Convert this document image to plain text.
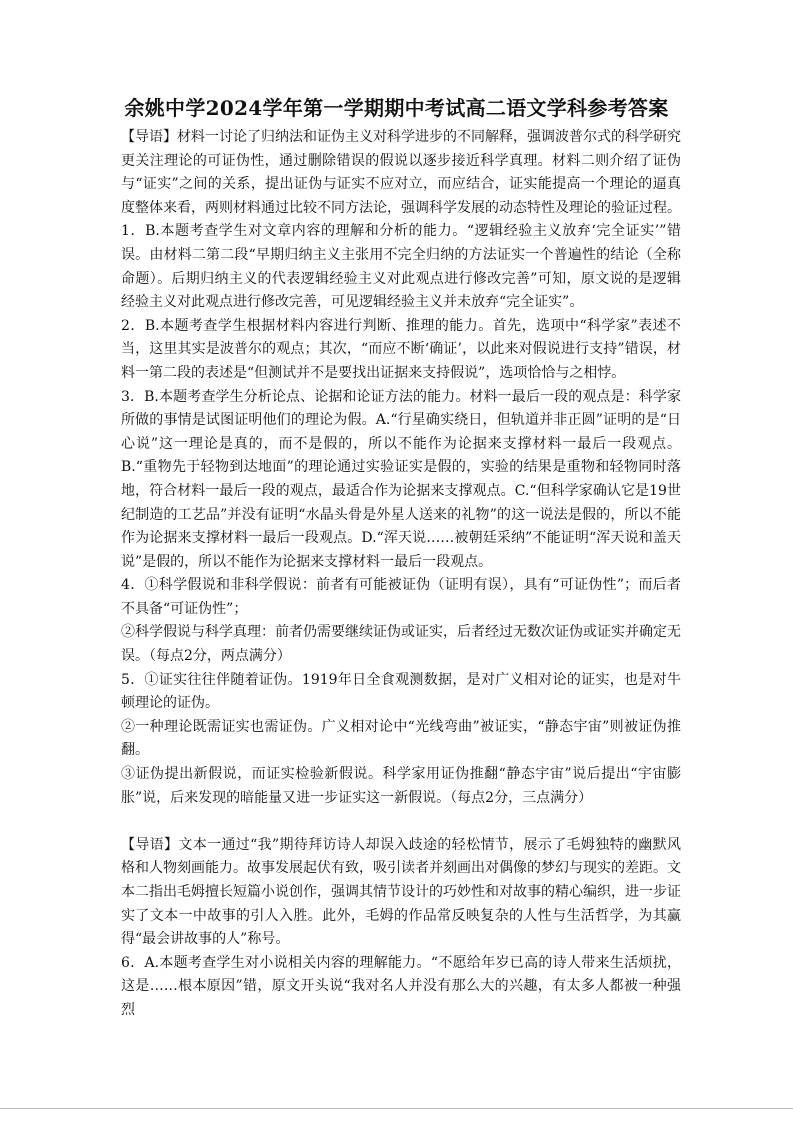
余姚中学2024学年第一学期期中考试高二语文学科参考答案

【导语】材料一讨论了归纳法和证伪主义对科学进步的不同解释，强调波普尔式的科学研究更关注理论的可证伪性，通过删除错误的假说以逐步接近科学真理。材料二则介绍了证伪与“证实”之间的关系，提出证伪与证实不应对立，而应结合，证实能提高一个理论的逼真度整体来看，两则材料通过比较不同方法论，强调科学发展的动态特性及理论的验证过程。

1．B.本题考查学生对文章内容的理解和分析的能力。“逻辑经验主义放弃‘完全证实’”错误。由材料二第二段“早期归纳主义主张用不完全归纳的方法证实一个普遍性的结论（全称命题）。后期归纳主义的代表逻辑经验主义对此观点进行修改完善”可知，原文说的是逻辑经验主义对此观点进行修改完善，可见逻辑经验主义并未放弃“完全证实”。

2．B.本题考查学生根据材料内容进行判断、推理的能力。首先，选项中“科学家”表述不当，这里其实是波普尔的观点；其次，“而应不断‘确证’，以此来对假说进行支持”错误，材料一第二段的表述是“但测试并不是要找出证据来支持假说”，选项恰恰与之相悖。

3．B.本题考查学生分析论点、论据和论证方法的能力。材料一最后一段的观点是：科学家所做的事情是试图证明他们的理论为假。A.“行星确实绕日，但轨道并非正圆”证明的是“日心说”这一理论是真的，而不是假的，所以不能作为论据来支撑材料一最后一段观点。B.“重物先于轻物到达地面”的理论通过实验证实是假的，实验的结果是重物和轻物同时落地，符合材料一最后一段的观点，最适合作为论据来支撑观点。C.“但科学家确认它是19世纪制造的工艺品”并没有证明“水晶头骨是外星人送来的礼物”的这一说法是假的，所以不能作为论据来支撑材料一最后一段观点。D.“浑天说……被朝廷采纳”不能证明“浑天说和盖天说”是假的，所以不能作为论据来支撑材料一最后一段观点。

4．①科学假说和非科学假说：前者有可能被证伪（证明有误），具有“可证伪性”；而后者不具备“可证伪性”；

②科学假说与科学真理：前者仍需要继续证伪或证实，后者经过无数次证伪或证实并确定无误。（每点2分，两点满分）

5．①证实往往伴随着证伪。1919年日全食观测数据，是对广义相对论的证实，也是对牛顿理论的证伪。

②一种理论既需证实也需证伪。广义相对论中“光线弯曲”被证实，“静态宇宙”则被证伪推翻。

③证伪提出新假说，而证实检验新假说。科学家用证伪推翻“静态宇宙”说后提出“宇宙膨胀”说，后来发现的暗能量又进一步证实这一新假说。（每点2分，三点满分）

【导语】文本一通过“我”期待拜访诗人却误入歧途的轻松情节，展示了毛姆独特的幽默风格和人物刻画能力。故事发展起伏有致，吸引读者并刻画出对偶像的梦幻与现实的差距。文本二指出毛姆擅长短篇小说创作，强调其情节设计的巧妙性和对故事的精心编织，进一步证实了文本一中故事的引人入胜。此外，毛姆的作品常反映复杂的人性与生活哲学，为其赢得“最会讲故事的人”称号。

6．A.本题考查学生对小说相关内容的理解能力。“不愿给年岁已高的诗人带来生活烦扰，这是……根本原因”错，原文开头说“我对名人并没有那么大的兴趣，有太多人都被一种强烈
